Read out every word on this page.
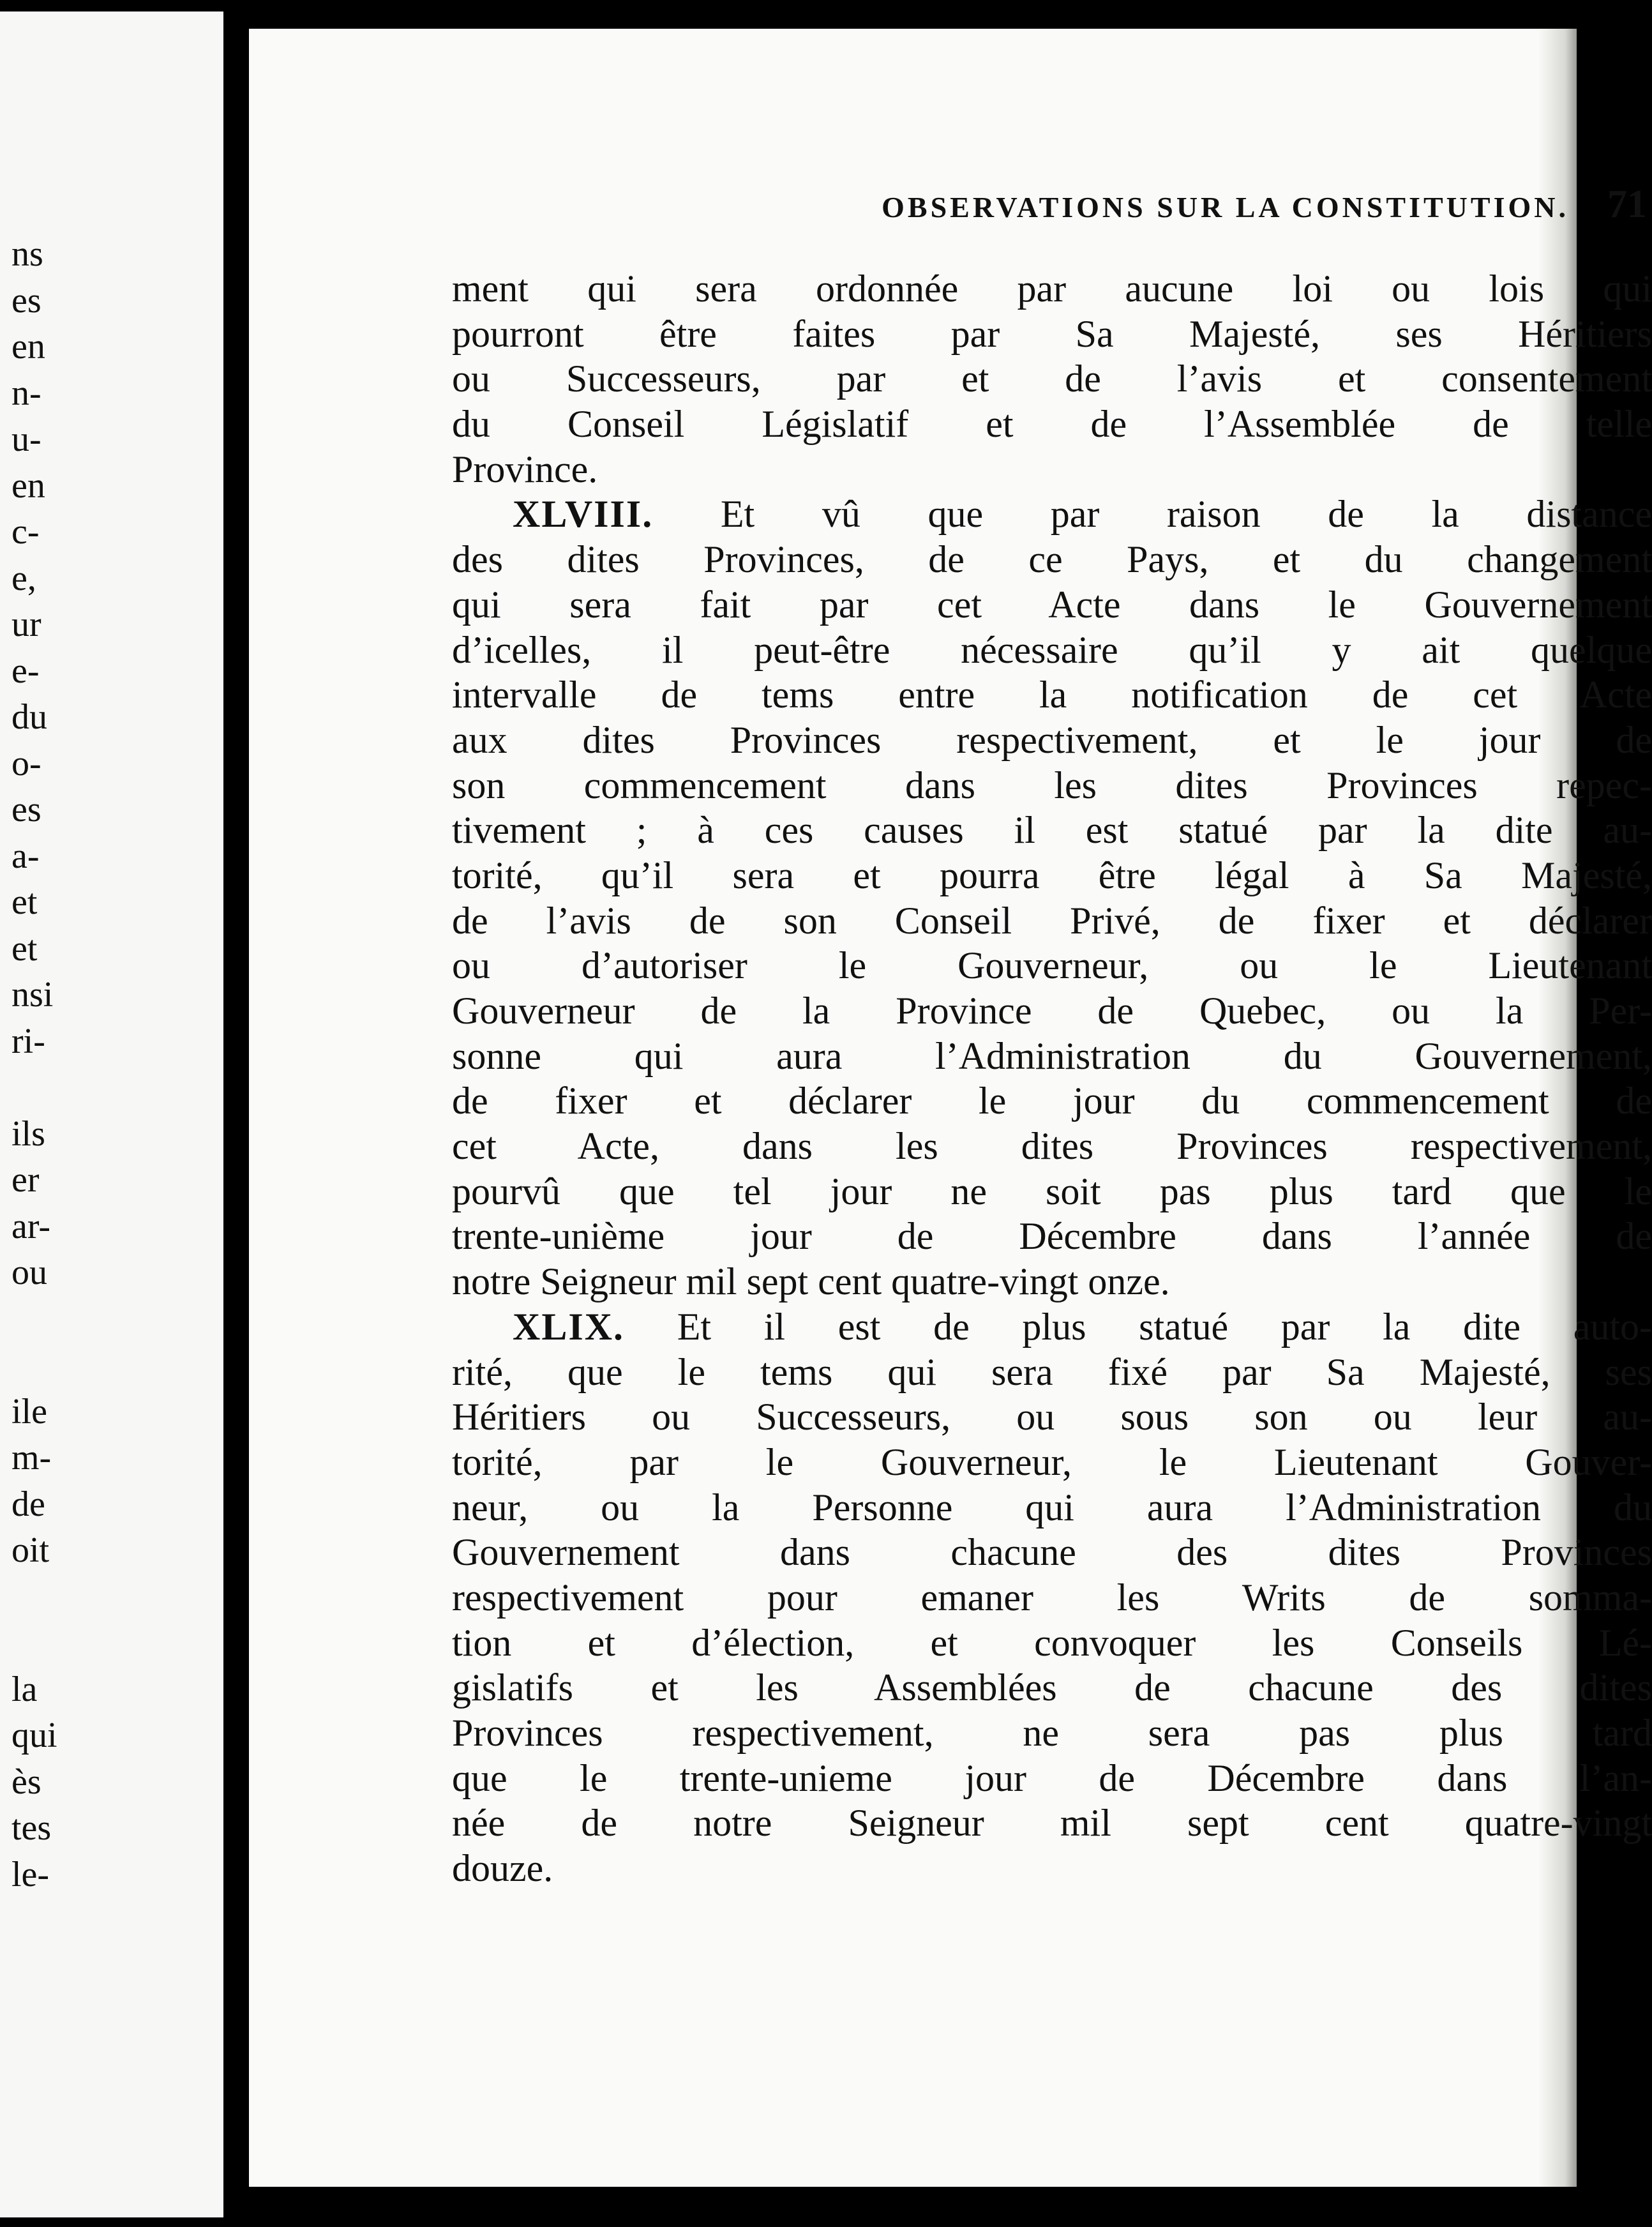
ns
es
en
n-
u-
en
c-
e,
ur
e-
du
o-
es
a-
et
et
nsi
ri-
ils
er
ar-
ou
ile
m-
de
oit
la
qui
ès
tes
le-
OBSERVATIONS SUR LA CONSTITUTION. 71
ment qui sera ordonnée par aucune loi ou lois qui
pourront être faites par Sa Majesté, ses Héritiers
ou Successeurs, par et de l’avis et consentement
du Conseil Législatif et de l’Assemblée de telle
Province.
XLVIII. Et vû que par raison de la distance
des dites Provinces, de ce Pays, et du changement
qui sera fait par cet Acte dans le Gouvernement
d’icelles, il peut-être nécessaire qu’il y ait quelque
intervalle de tems entre la notification de cet Acte
aux dites Provinces respectivement, et le jour de
son commencement dans les dites Provinces repec-
tivement ; à ces causes il est statué par la dite au-
torité, qu’il sera et pourra être légal à Sa Majesté,
de l’avis de son Conseil Privé, de fixer et déclarer
ou d’autoriser le Gouverneur, ou le Lieutenant
Gouverneur de la Province de Quebec, ou la Per-
sonne qui aura l’Administration du Gouvernement,
de fixer et déclarer le jour du commencement de
cet Acte, dans les dites Provinces respectivement,
pourvû que tel jour ne soit pas plus tard que le
trente-unième jour de Décembre dans l’année de
notre Seigneur mil sept cent quatre-vingt onze.
XLIX. Et il est de plus statué par la dite auto-
rité, que le tems qui sera fixé par Sa Majesté, ses
Héritiers ou Successeurs, ou sous son ou leur au-
torité, par le Gouverneur, le Lieutenant Gouver-
neur, ou la Personne qui aura l’Administration du
Gouvernement dans chacune des dites Provinces
respectivement pour emaner les Writs de somma-
tion et d’élection, et convoquer les Conseils Lé-
gislatifs et les Assemblées de chacune des dites
Provinces respectivement, ne sera pas plus tard
que le trente-unieme jour de Décembre dans l’an-
née de notre Seigneur mil sept cent quatre-vingt
douze.
